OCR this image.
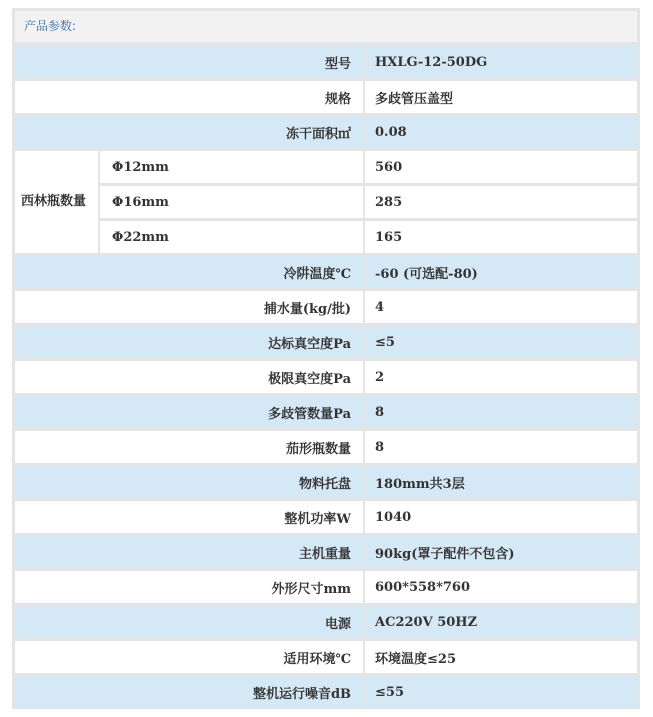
产品参数:
型号		HXLG-12-50DG
规格		多歧管压盖型
冻干面积㎡		0.08
西林瓶数量	Φ12mm	560
	Φ16mm	285
	Φ22mm	165
冷阱温度℃		-60 (可选配-80)
捕水量(kg/批)		4
达标真空度Pa		≤5
极限真空度Pa		2
多歧管数量Pa		8
茄形瓶数量		8
物料托盘		180mm共3层
整机功率W		1040
主机重量		90kg(罩子配件不包含)
外形尺寸mm		600*558*760
电源		AC220V 50HZ
适用环境℃		环境温度≤25
整机运行噪音dB		≤55
